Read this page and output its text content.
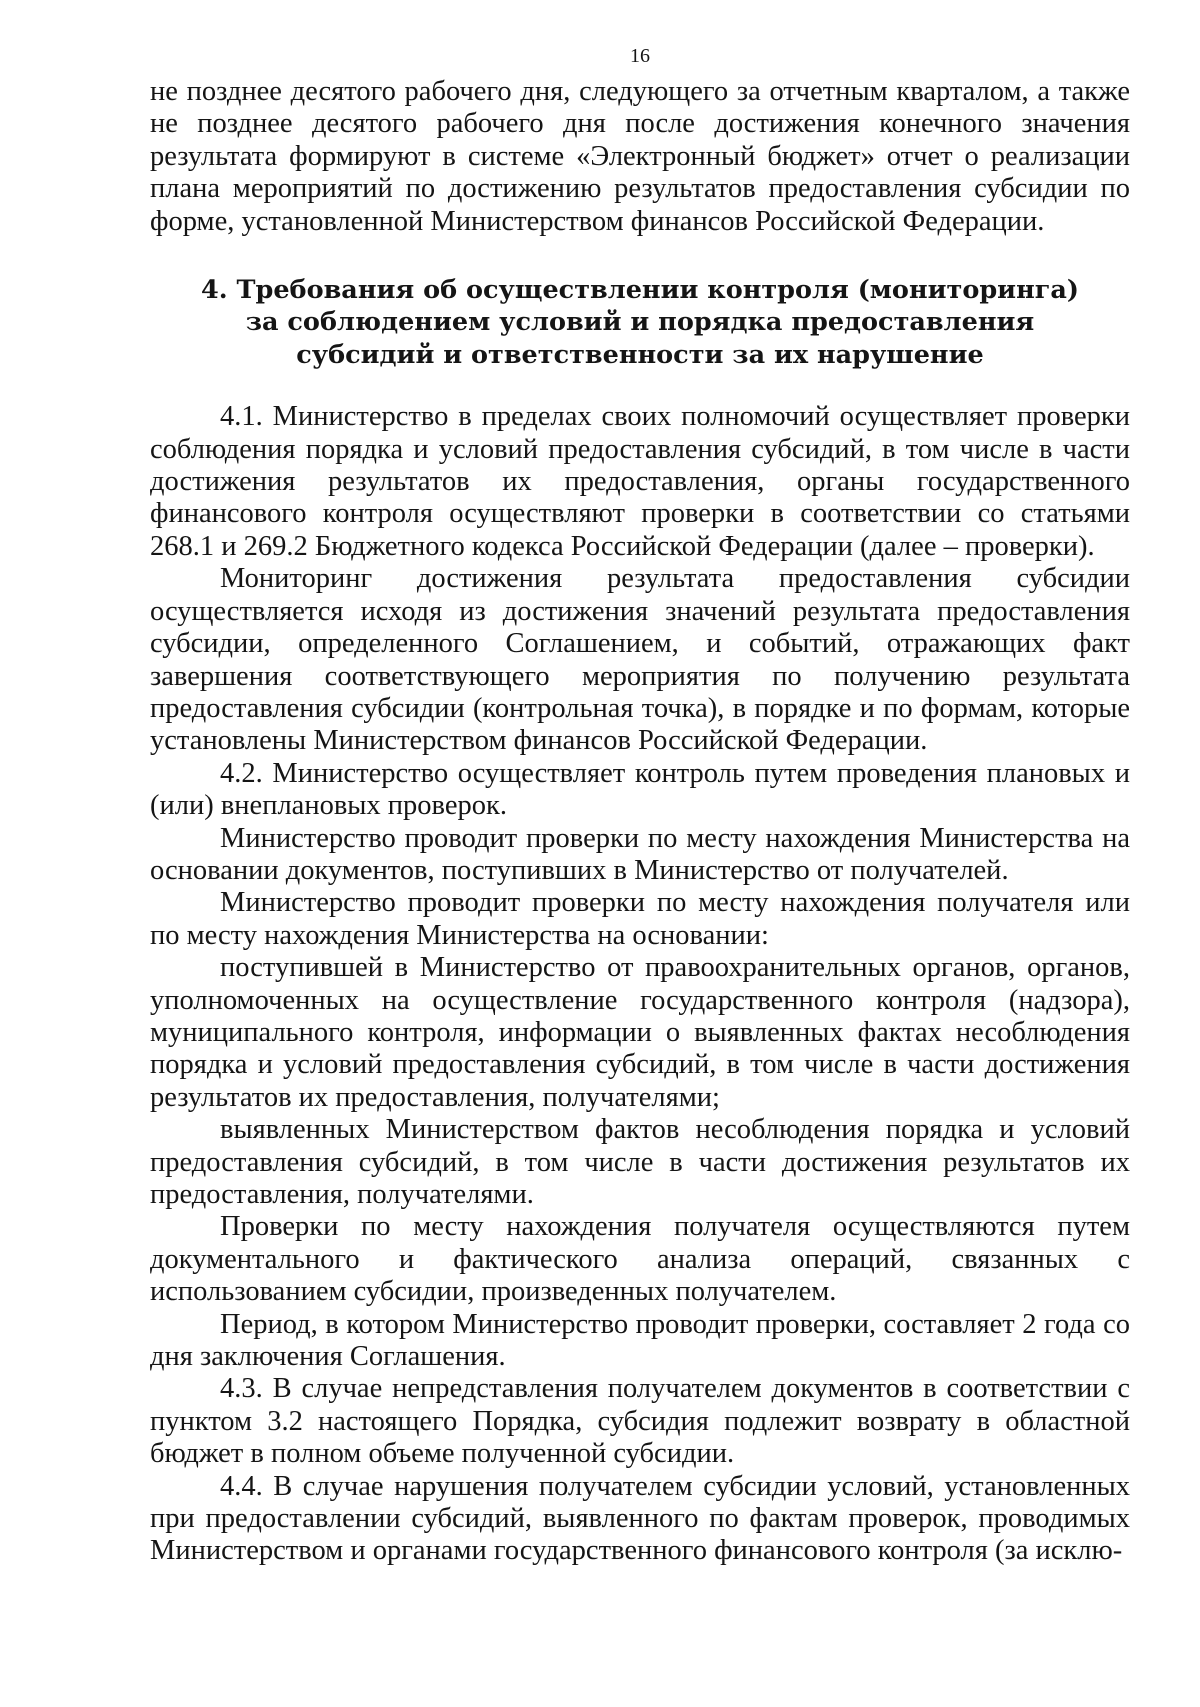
16

не позднее десятого рабочего дня, следующего за отчетным кварталом, а также не позднее десятого рабочего дня после достижения конечного значения результата формируют в системе «Электронный бюджет» отчет о реализации плана мероприятий по достижению результатов предоставления субсидии по форме, установленной Министерством финансов Российской Федерации.

4. Требования об осуществлении контроля (мониторинга)
за соблюдением условий и порядка предоставления
субсидий и ответственности за их нарушение

4.1. Министерство в пределах своих полномочий осуществляет проверки соблюдения порядка и условий предоставления субсидий, в том числе в части достижения результатов их предоставления, органы государственного финансового контроля осуществляют проверки в соответствии со статьями 268.1 и 269.2 Бюджетного кодекса Российской Федерации (далее – проверки).

Мониторинг достижения результата предоставления субсидии осуществляется исходя из достижения значений результата предоставления субсидии, определенного Соглашением, и событий, отражающих факт завершения соответствующего мероприятия по получению результата предоставления субсидии (контрольная точка), в порядке и по формам, которые установлены Министерством финансов Российской Федерации.

4.2. Министерство осуществляет контроль путем проведения плановых и (или) внеплановых проверок.

Министерство проводит проверки по месту нахождения Министерства на основании документов, поступивших в Министерство от получателей.

Министерство проводит проверки по месту нахождения получателя или по месту нахождения Министерства на основании:

поступившей в Министерство от правоохранительных органов, органов, уполномоченных на осуществление государственного контроля (надзора), муниципального контроля, информации о выявленных фактах несоблюдения порядка и условий предоставления субсидий, в том числе в части достижения результатов их предоставления, получателями;

выявленных Министерством фактов несоблюдения порядка и условий предоставления субсидий, в том числе в части достижения результатов их предоставления, получателями.

Проверки по месту нахождения получателя осуществляются путем документального и фактического анализа операций, связанных с использованием субсидии, произведенных получателем.

Период, в котором Министерство проводит проверки, составляет 2 года со дня заключения Соглашения.

4.3. В случае непредставления получателем документов в соответствии с пунктом 3.2 настоящего Порядка, субсидия подлежит возврату в областной бюджет в полном объеме полученной субсидии.

4.4. В случае нарушения получателем субсидии условий, установленных при предоставлении субсидий, выявленного по фактам проверок, проводимых Министерством и органами государственного финансового контроля (за исклю-
